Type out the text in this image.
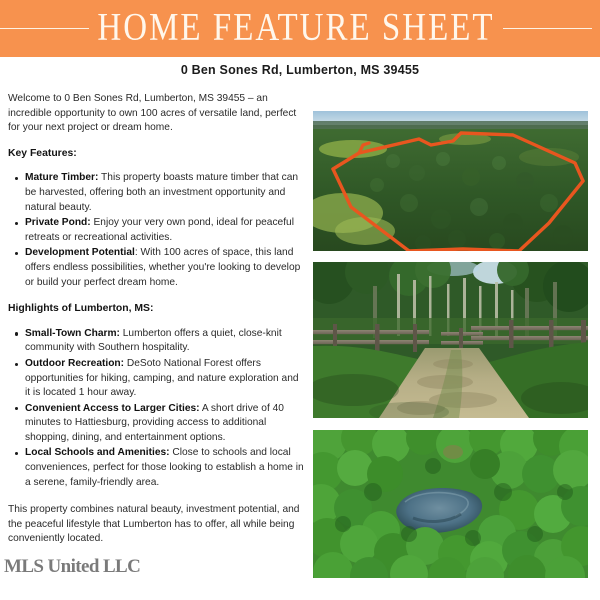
HOME FEATURE SHEET
0 Ben Sones Rd, Lumberton, MS 39455

Welcome to 0 Ben Sones Rd, Lumberton, MS 39455 – an incredible opportunity to own 100 acres of versatile land, perfect for your next project or dream home.

Key Features:
Mature Timber: This property boasts mature timber that can be harvested, offering both an investment opportunity and natural beauty.
Private Pond: Enjoy your very own pond, ideal for peaceful retreats or recreational activities.
Development Potential: With 100 acres of space, this land offers endless possibilities, whether you're looking to develop or build your perfect dream home.
Highlights of Lumberton, MS:
Small-Town Charm: Lumberton offers a quiet, close-knit community with Southern hospitality.
Outdoor Recreation: DeSoto National Forest offers opportunities for hiking, camping, and nature exploration and it is located 1 hour away.
Convenient Access to Larger Cities: A short drive of 40 minutes to Hattiesburg, providing access to additional shopping, dining, and entertainment options.
Local Schools and Amenities: Close to schools and local conveniences, perfect for those looking to establish a home in a serene, family-friendly area.

This property combines natural beauty, investment potential, and the peaceful lifestyle that Lumberton has to offer, all while being conveniently located.

MLS United LLC
